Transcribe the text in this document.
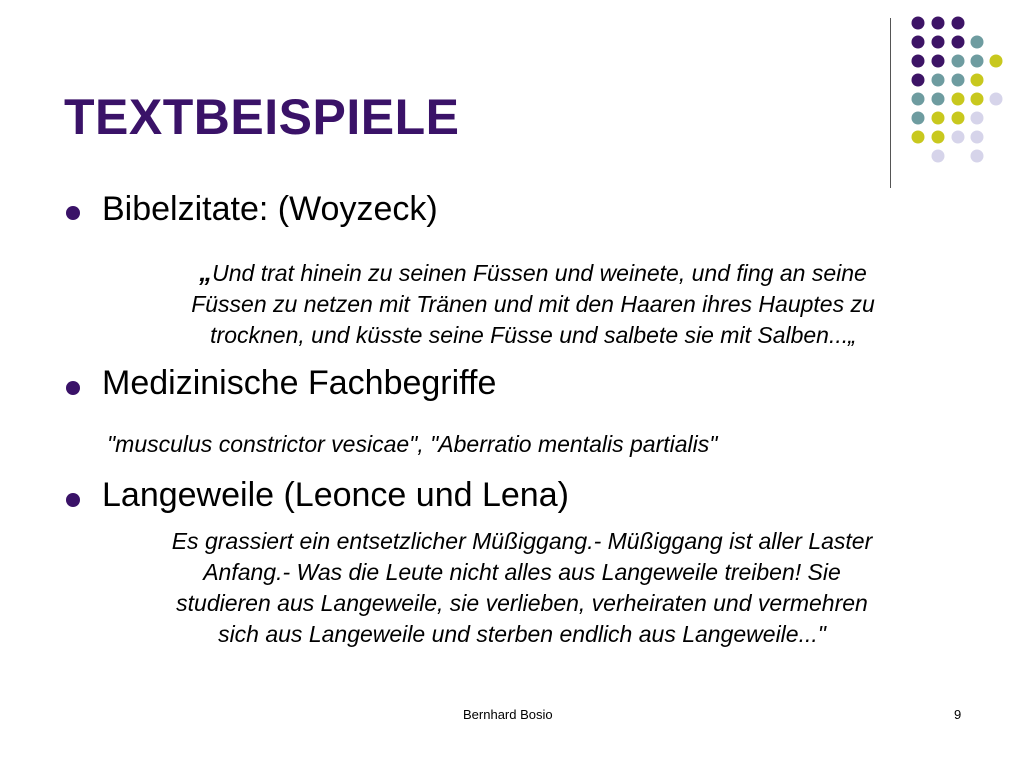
TEXTBEISPIELE
Bibelzitate: (Woyzeck)
„Und trat hinein zu seinen Füssen und weinete, und fing an seine
Füssen zu netzen mit Tränen und mit den Haaren ihres Hauptes zu
trocknen, und küsste seine Füsse und salbete sie mit Salben...„
Medizinische Fachbegriffe
"musculus constrictor vesicae", "Aberratio mentalis partialis"
Langeweile (Leonce und Lena)
Es grassiert ein entsetzlicher Müßiggang.- Müßiggang ist aller Laster
Anfang.- Was die Leute nicht alles aus Langeweile treiben! Sie
studieren aus Langeweile, sie verlieben, verheiraten und vermehren
sich aus Langeweile und sterben endlich aus Langeweile..."
Bernhard Bosio	9
